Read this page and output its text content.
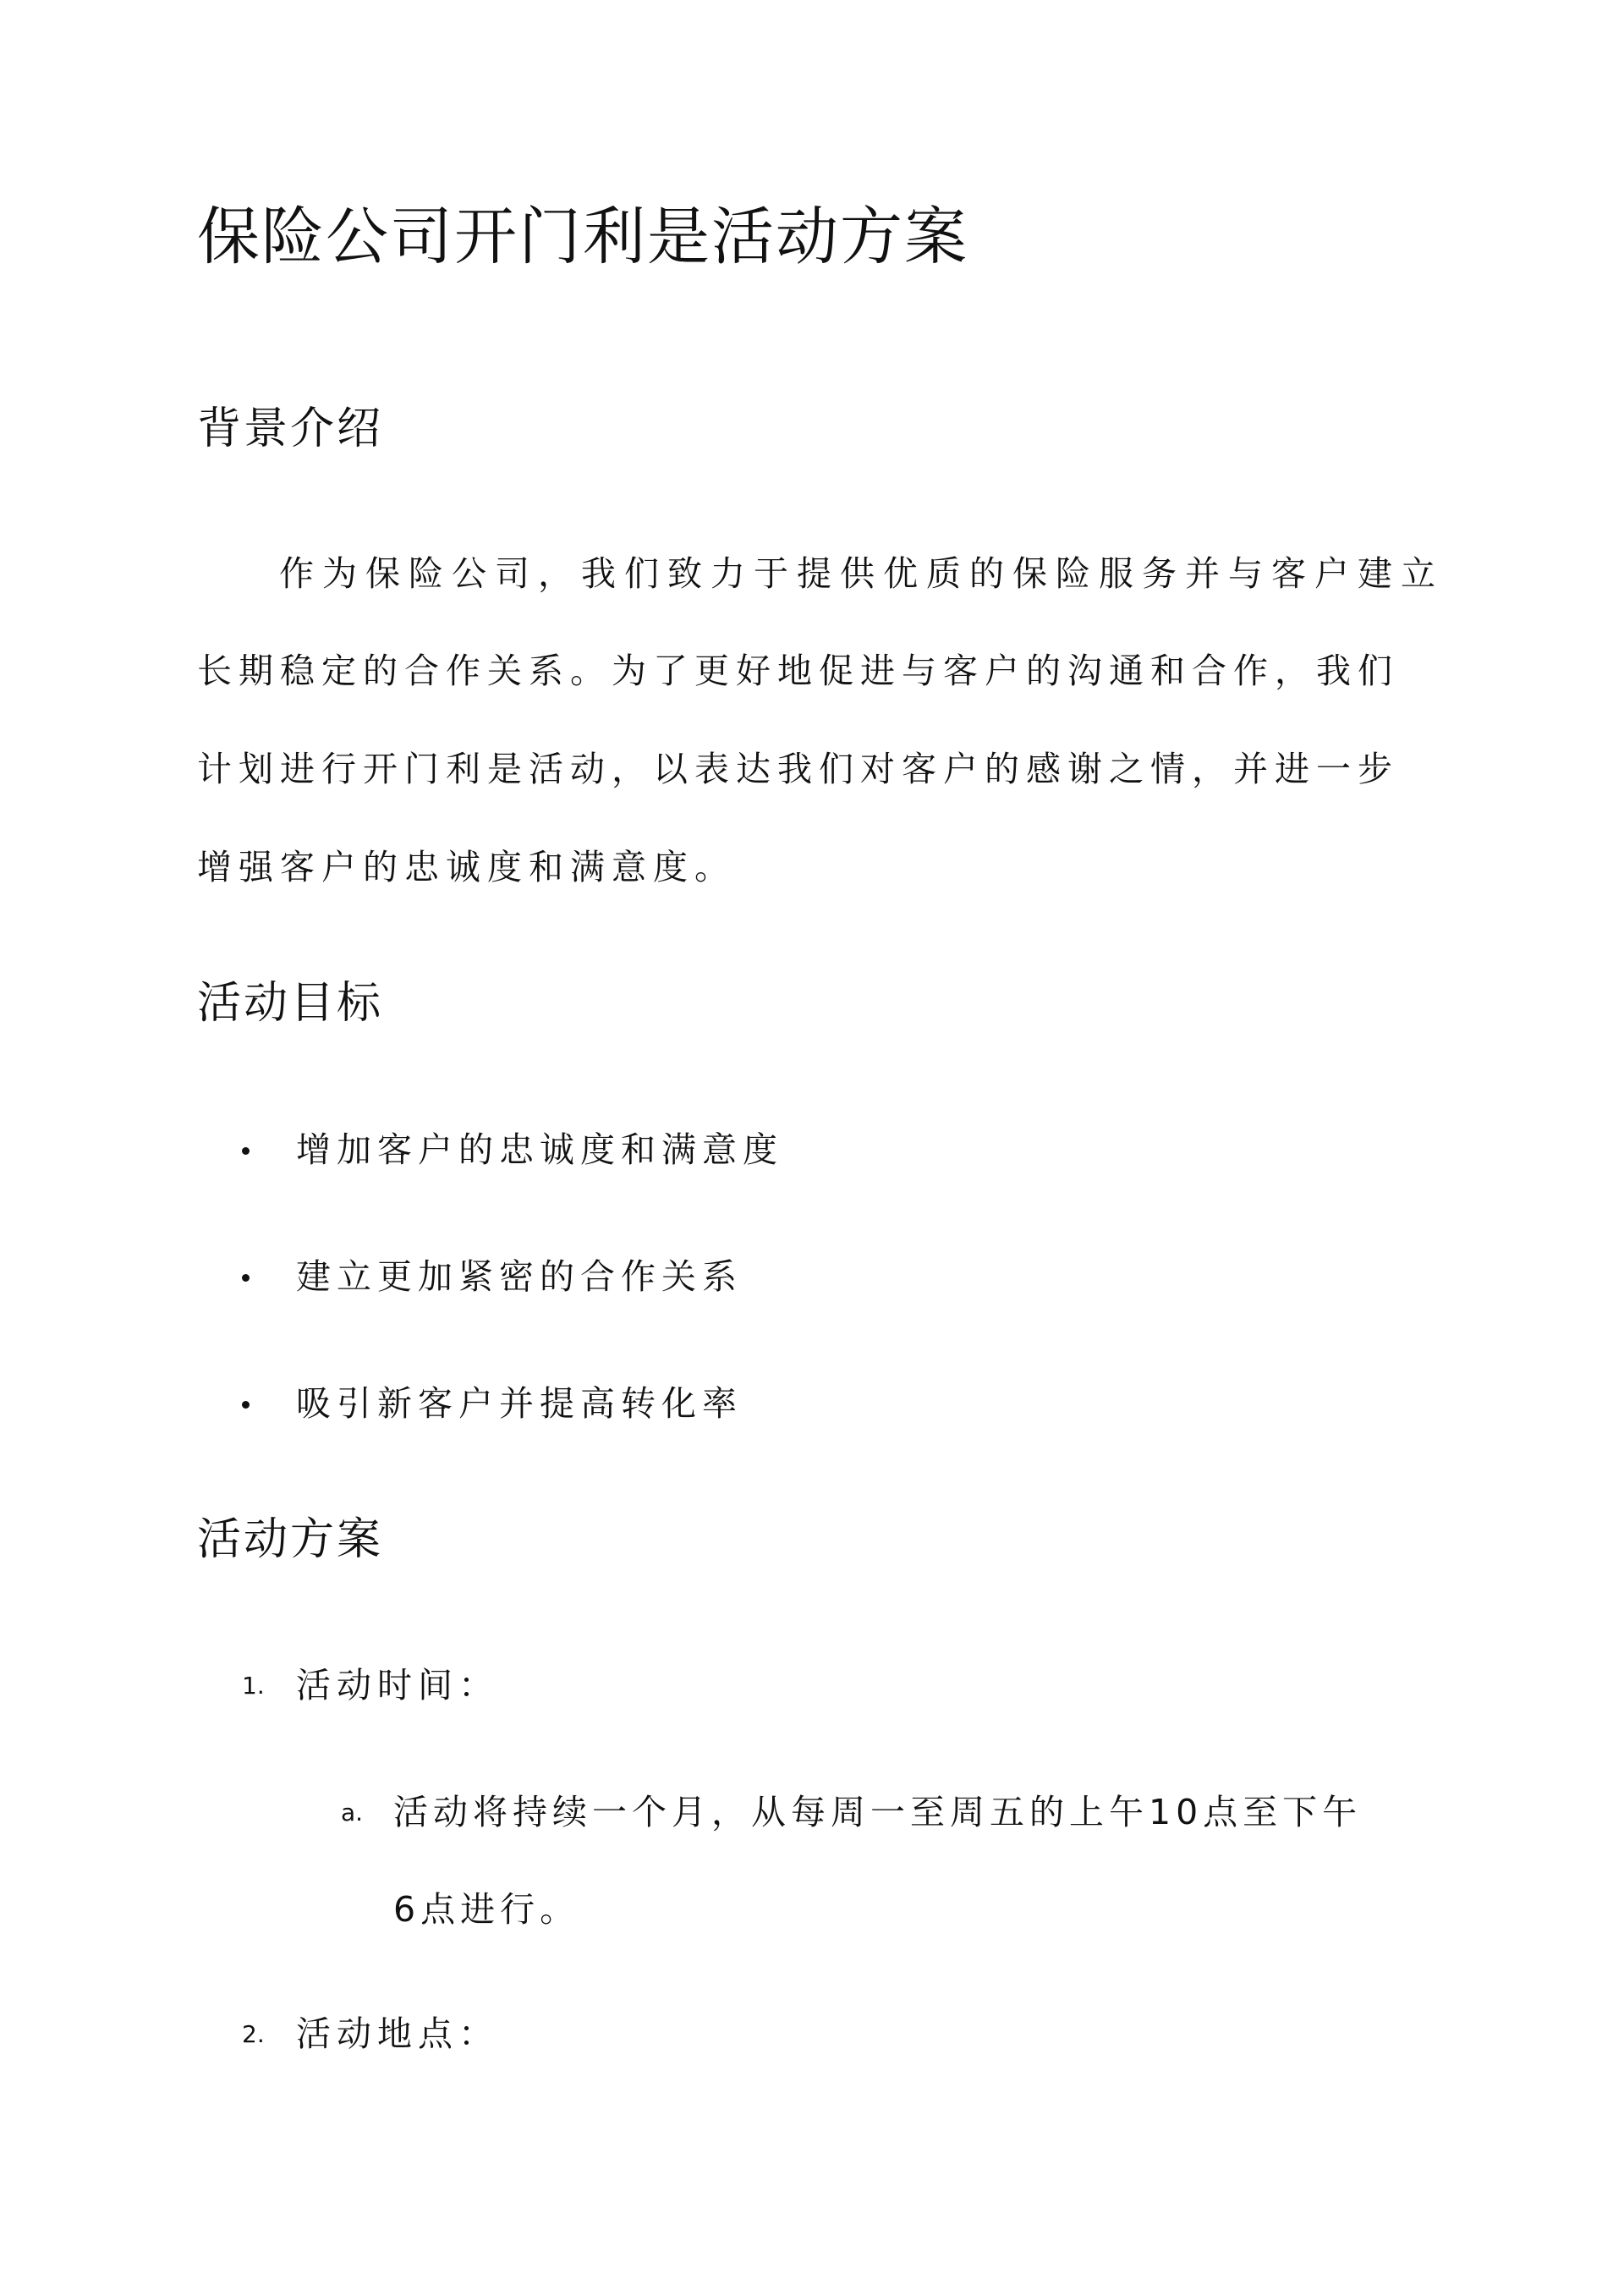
保险公司开门利是活动方案
背景介绍

作为保险公司，我们致力于提供优质的保险服务并与客户建立

长期稳定的合作关系。为了更好地促进与客户的沟通和合作，我们

计划进行开门利是活动，以表达我们对客户的感谢之情，并进一步

增强客户的忠诚度和满意度。

活动目标
增加客户的忠诚度和满意度
建立更加紧密的合作关系
吸引新客户并提高转化率
活动方案
1. 活动时间：
a. 活动将持续一个月，从每周一至周五的上午10点至下午
6点进行。
2. 活动地点：
